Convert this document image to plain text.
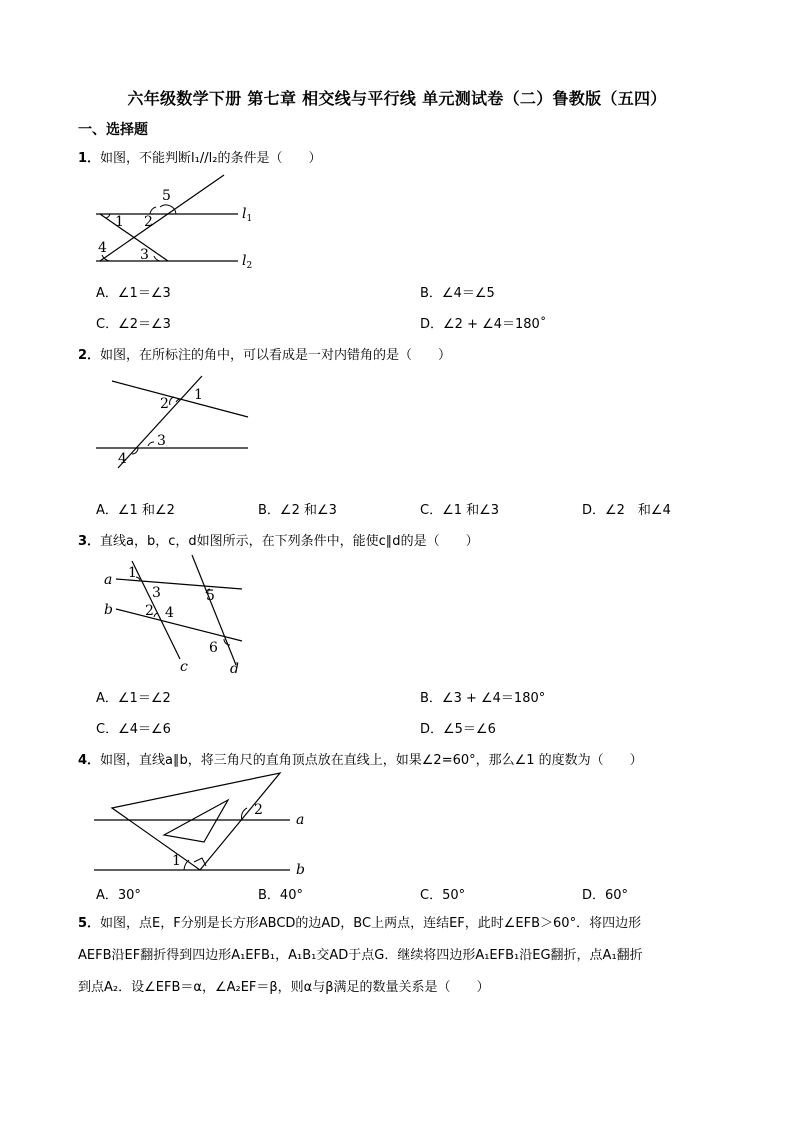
六年级数学下册 第七章 相交线与平行线 单元测试卷（二）鲁教版（五四）
一、选择题
1．如图，不能判断l₁//l₂的条件是（　　）
1 2
3
4
5
$l_1$
$l_2$
A．∠1＝∠3	B．∠4＝∠5
C．∠2＝∠3	D．∠2 + ∠4＝180˚
2．如图，在所标注的角中，可以看成是一对内错角的是（　　）
1
2
3
4
A．∠1 和∠2	B．∠2 和∠3	C．∠1 和∠3	D．∠2　和∠4
3．直线a，b，c，d如图所示，在下列条件中，能使c∥d的是（　　）
a
b
c	d
1
3
2 4
5
6
A．∠1＝∠2	B．∠3 + ∠4＝180°
C．∠4＝∠6	D．∠5＝∠6
4．如图，直线a∥b，将三角尺的直角顶点放在直线上，如果∠2=60°，那么∠1 的度数为（　　）
1
2
a
b
A．30°	B．40°	C．50°	D．60°
5．如图，点E，F分别是长方形ABCD的边AD，BC上两点，连结EF，此时∠EFB＞60°．将四边形
AEFB沿EF翻折得到四边形A₁EFB₁，A₁B₁交AD于点G．继续将四边形A₁EFB₁沿EG翻折，点A₁翻折
到点A₂．设∠EFB＝α，∠A₂EF＝β，则α与β满足的数量关系是（　　）
